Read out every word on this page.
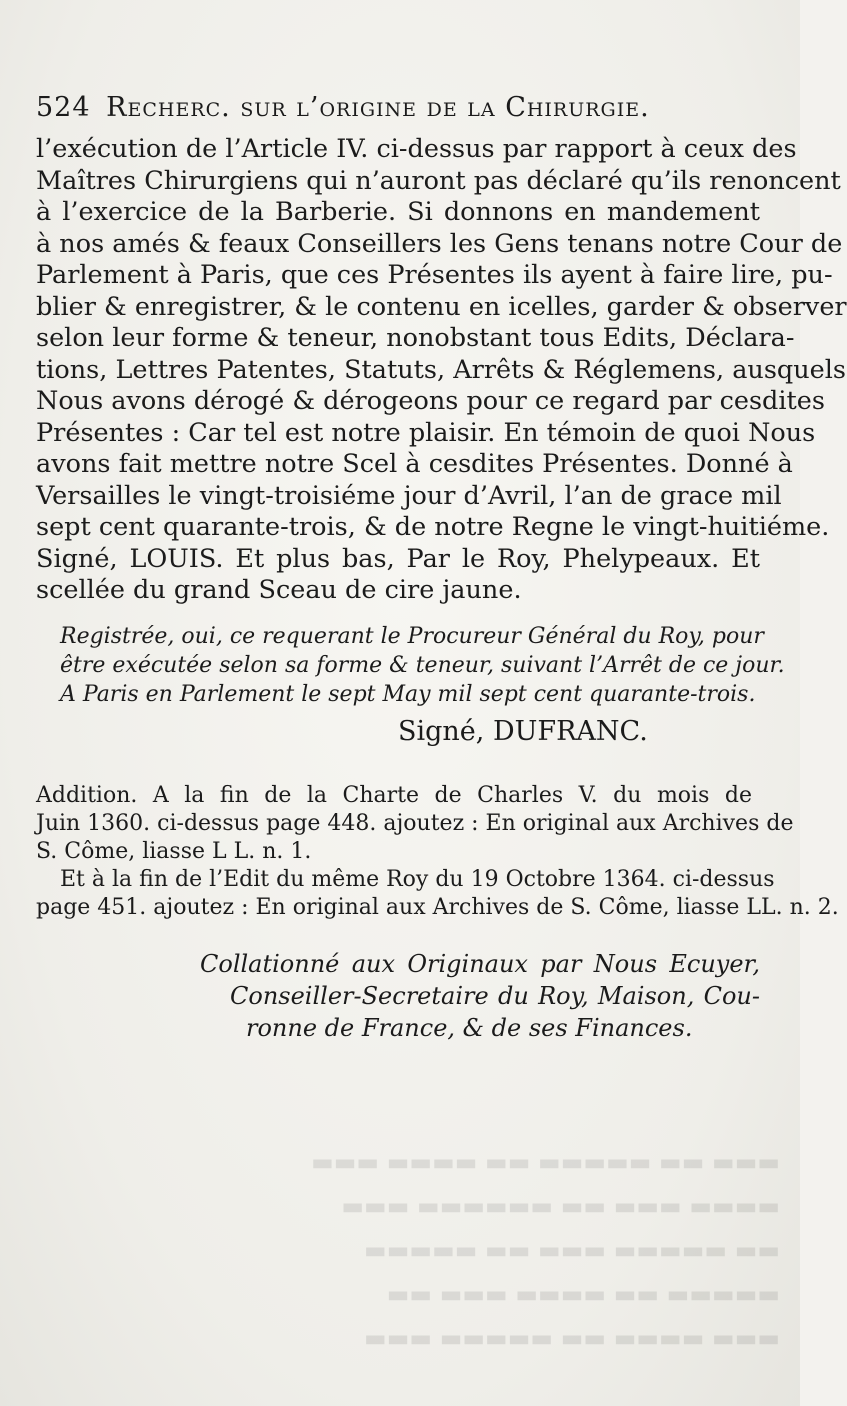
524 Recherc. sur l’origine de la Chirurgie.
l’exécution de l’Article IV. ci-dessus par rapport à ceux des
Maîtres Chirurgiens qui n’auront pas déclaré qu’ils renoncent
à l’exercice de la Barberie. Si donnons en mandement
à nos amés & feaux Conseillers les Gens tenans notre Cour de
Parlement à Paris, que ces Présentes ils ayent à faire lire, pu-
blier & enregistrer, & le contenu en icelles, garder & observer
selon leur forme & teneur, nonobstant tous Edits, Déclara-
tions, Lettres Patentes, Statuts, Arrêts & Réglemens, ausquels
Nous avons dérogé & dérogeons pour ce regard par cesdites
Présentes : Car tel est notre plaisir. En témoin de quoi Nous
avons fait mettre notre Scel à cesdites Présentes. Donné à
Versailles le vingt-troisiéme jour d’Avril, l’an de grace mil
sept cent quarante-trois, & de notre Regne le vingt-huitiéme.
Signé, LOUIS. Et plus bas, Par le Roy, Phelypeaux. Et
scellée du grand Sceau de cire jaune.
Registrée, oui, ce requerant le Procureur Général du Roy, pour
être exécutée selon sa forme & teneur, suivant l’Arrêt de ce jour.
A Paris en Parlement le sept May mil sept cent quarante-trois.
Signé, DUFRANC.
Addition. A la fin de la Charte de Charles V. du mois de
Juin 1360. ci-dessus page 448. ajoutez : En original aux Archives de
S. Côme, liasse L L. n. 1.
Et à la fin de l’Edit du même Roy du 19 Octobre 1364. ci-dessus
page 451. ajoutez : En original aux Archives de S. Côme, liasse LL. n. 2.
Collationné aux Originaux par Nous Ecuyer,
Conseiller-Secretaire du Roy, Maison, Cou-
ronne de France, & de ses Finances.
▬▬▬ ▬▬ ▬▬▬▬▬ ▬▬ ▬▬▬▬ ▬▬▬
▬▬▬▬ ▬▬▬ ▬▬ ▬▬▬▬▬▬ ▬▬▬
▬▬ ▬▬▬▬▬ ▬▬▬ ▬▬ ▬▬▬▬▬
▬▬▬▬▬ ▬▬ ▬▬▬▬ ▬▬▬ ▬▬
▬▬▬ ▬▬▬▬ ▬▬ ▬▬▬▬▬ ▬▬▬
